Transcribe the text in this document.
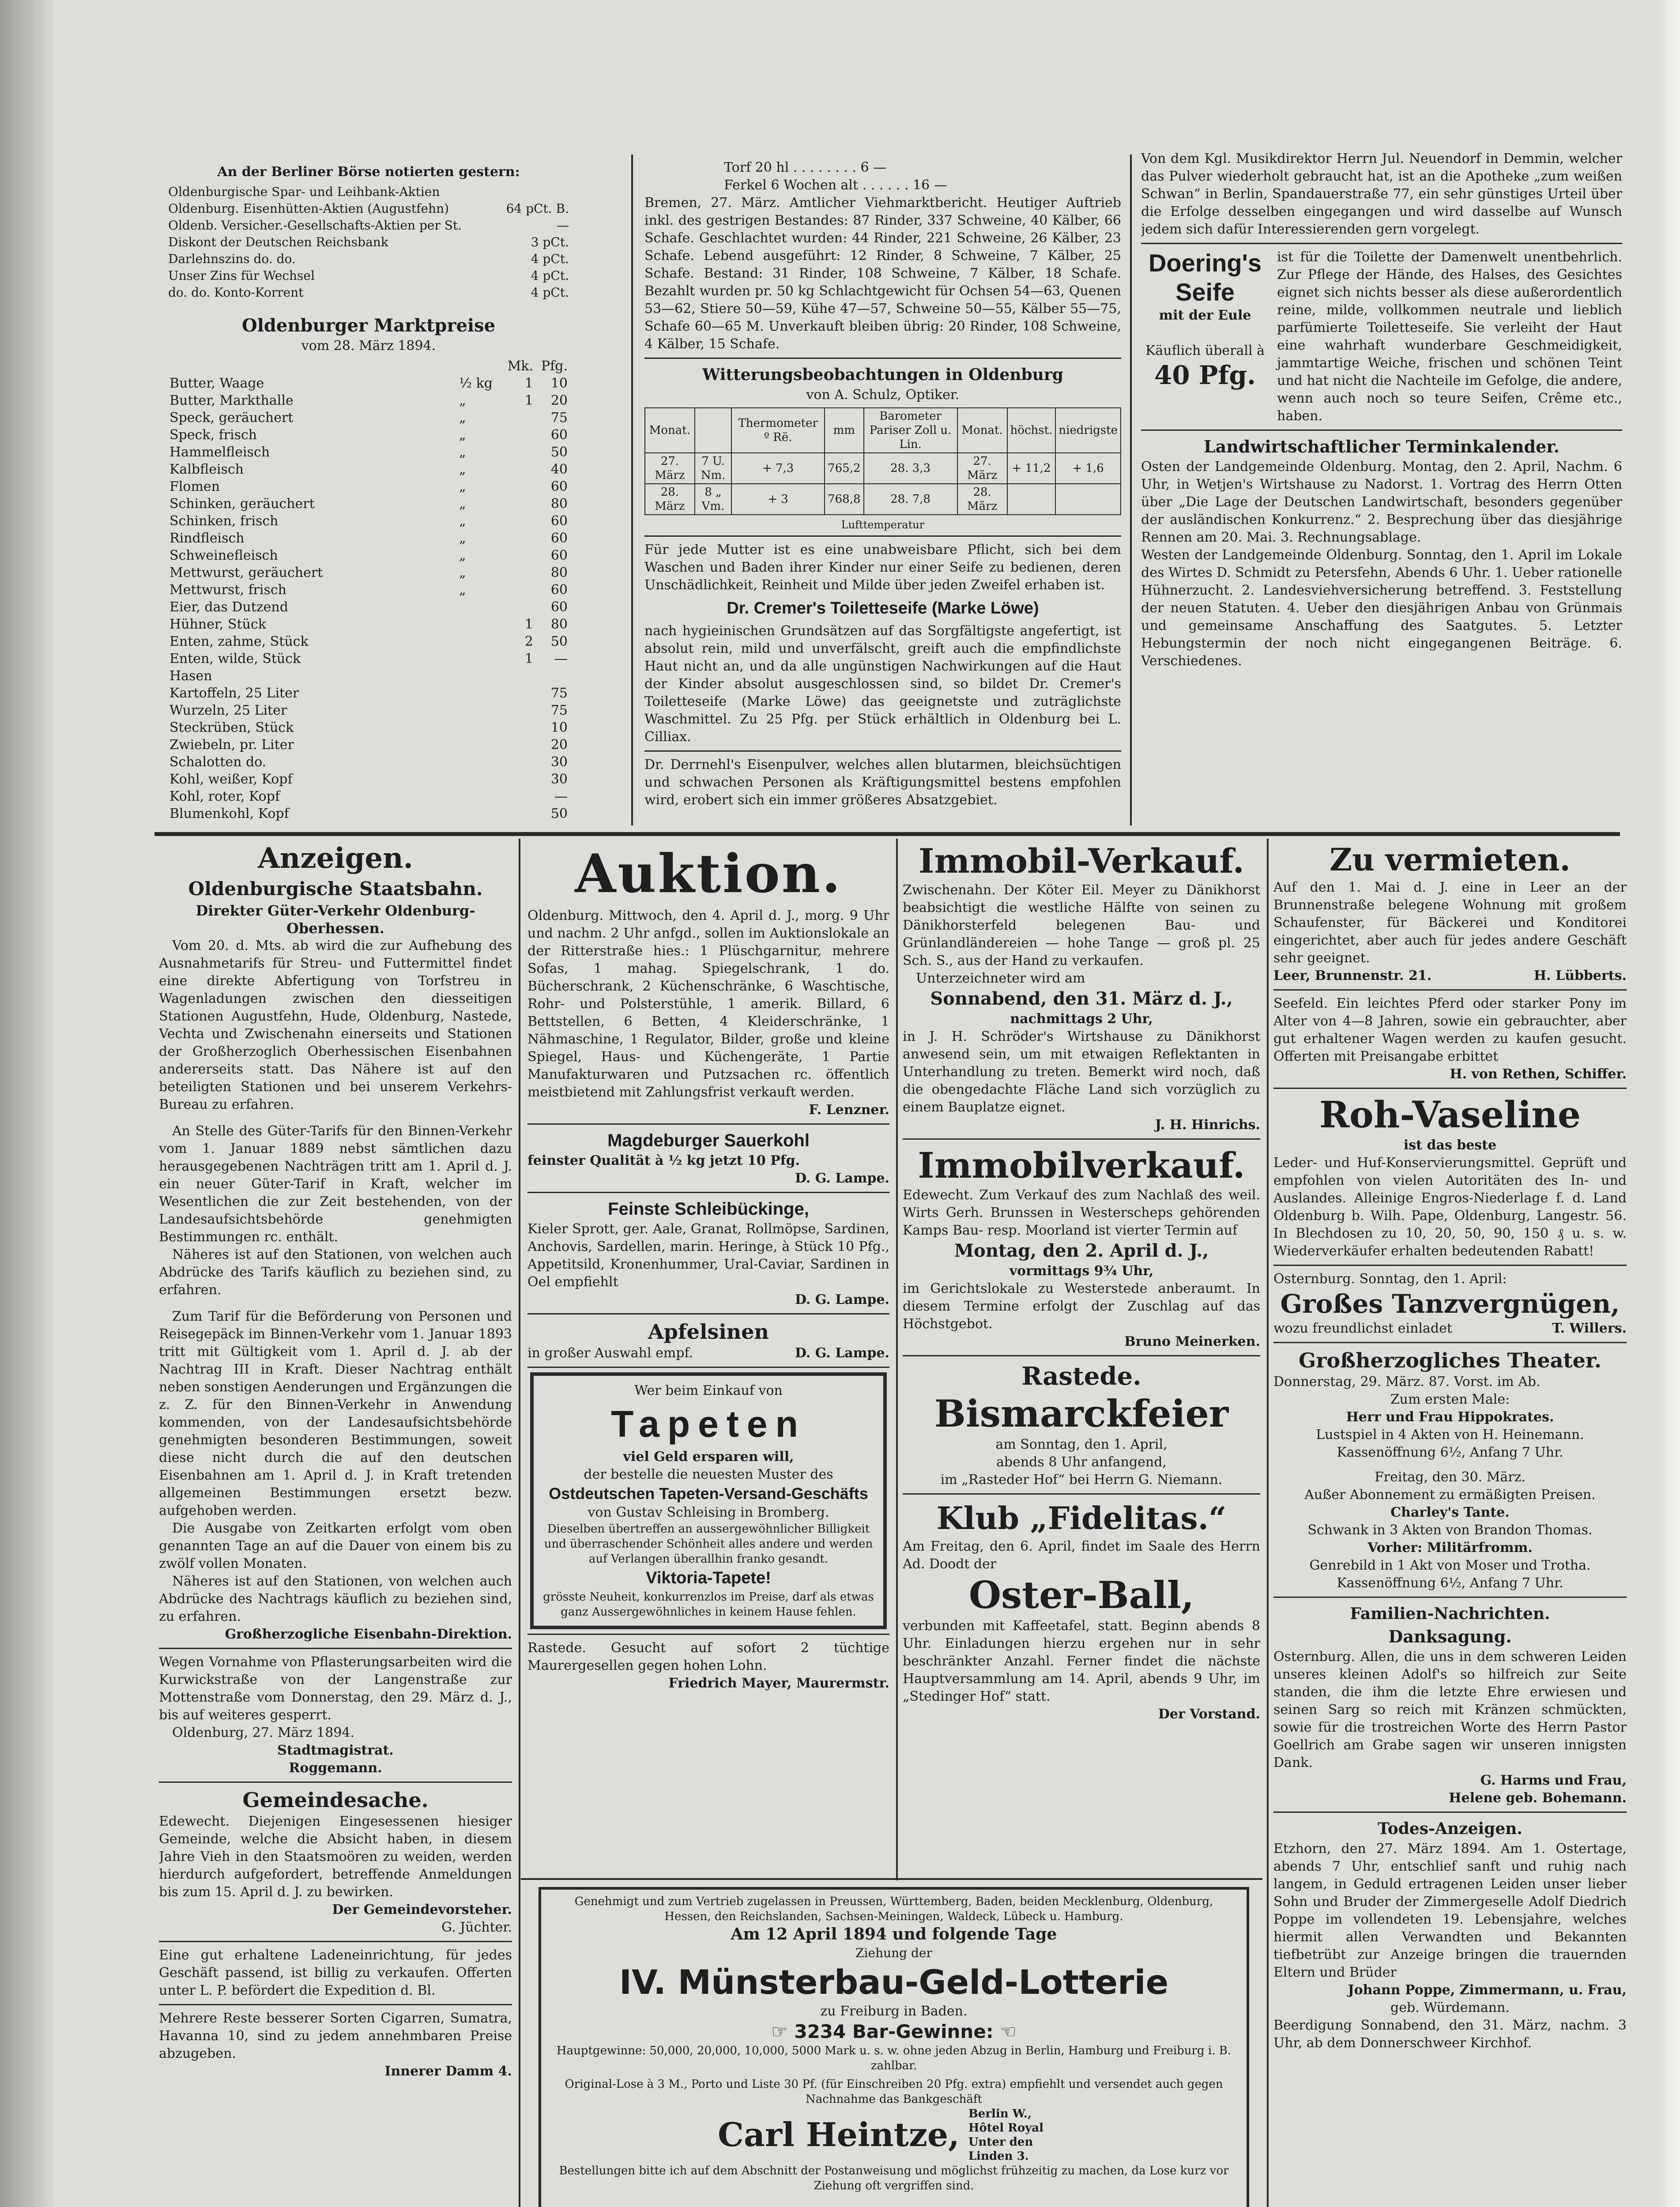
An der Berliner Börse notierten gestern:

Oldenburgische Spar- und Leihbank-Aktien	
Oldenburg. Eisenhütten-Aktien (Augustfehn)	64 pCt. B.
Oldenb. Versicher.-Gesellschafts-Aktien per St.	—
Diskont der Deutschen Reichsbank	3 pCt.
Darlehnszins do. do.	4 pCt.
Unser Zins für Wechsel	4 pCt.
do. do. Konto-Korrent	4 pCt.

Oldenburger Marktpreise

vom 28. März 1894.

		Mk.	Pfg.
Butter, Waage	½ kg	1	10
Butter, Markthalle	„	1	20
Speck, geräuchert	„		75
Speck, frisch	„		60
Hammelfleisch	„		50
Kalbfleisch	„		40
Flomen	„		60
Schinken, geräuchert	„		80
Schinken, frisch	„		60
Rindfleisch	„		60
Schweinefleisch	„		60
Mettwurst, geräuchert	„		80
Mettwurst, frisch	„		60
Eier, das Dutzend			60
Hühner, Stück		1	80
Enten, zahme, Stück		2	50
Enten, wilde, Stück		1	—
Hasen			
Kartoffeln, 25 Liter			75
Wurzeln, 25 Liter			75
Steckrüben, Stück			10
Zwiebeln, pr. Liter			20
Schalotten do.			30
Kohl, weißer, Kopf			30
Kohl, roter, Kopf			—
Blumenkohl, Kopf			50

Torf 20 hl . . . . . . . . 6 —

Ferkel 6 Wochen alt . . . . . . 16 —

Bremen, 27. März. Amtlicher Viehmarktbericht. Heutiger Auftrieb inkl. des gestrigen Bestandes: 87 Rinder, 337 Schweine, 40 Kälber, 66 Schafe. Geschlachtet wurden: 44 Rinder, 221 Schweine, 26 Kälber, 23 Schafe. Lebend ausgeführt: 12 Rinder, 8 Schweine, 7 Kälber, 25 Schafe. Bestand: 31 Rinder, 108 Schweine, 7 Kälber, 18 Schafe. Bezahlt wurden pr. 50 kg Schlachtgewicht für Ochsen 54—63, Quenen 53—62, Stiere 50—59, Kühe 47—57, Schweine 50—55, Kälber 55—75, Schafe 60—65 M. Unverkauft bleiben übrig: 20 Rinder, 108 Schweine, 4 Kälber, 15 Schafe.

Witterungsbeobachtungen in Oldenburg

von A. Schulz, Optiker.

Monat.		Thermometer º Rë.	mm	Barometer Pariser Zoll u. Lin.	Monat.	höchst.	niedrigste
27. März	7 U. Nm.	+ 7,3	765,2	28. 3,3	27. März	+ 11,2	+ 1,6
28. März	8 „ Vm.	+ 3	768,8	28. 7,8	28. März		

Lufttemperatur

Für jede Mutter ist es eine unabweisbare Pflicht, sich bei dem Waschen und Baden ihrer Kinder nur einer Seife zu bedienen, deren Unschädlichkeit, Reinheit und Milde über jeden Zweifel erhaben ist.

Dr. Cremer's Toiletteseife (Marke Löwe)

nach hygieinischen Grundsätzen auf das Sorgfältigste angefertigt, ist absolut rein, mild und unverfälscht, greift auch die empfindlichste Haut nicht an, und da alle ungünstigen Nachwirkungen auf die Haut der Kinder absolut ausgeschlossen sind, so bildet Dr. Cremer's Toiletteseife (Marke Löwe) das geeignetste und zuträglichste Waschmittel. Zu 25 Pfg. per Stück erhältlich in Oldenburg bei L. Cilliax.

Dr. Derrnehl's Eisenpulver, welches allen blutarmen, bleichsüchtigen und schwachen Personen als Kräftigungsmittel bestens empfohlen wird, erobert sich ein immer größeres Absatzgebiet.

Von dem Kgl. Musikdirektor Herrn Jul. Neuendorf in Demmin, welcher das Pulver wiederholt gebraucht hat, ist an die Apotheke „zum weißen Schwan“ in Berlin, Spandauerstraße 77, ein sehr günstiges Urteil über die Erfolge desselben eingegangen und wird dasselbe auf Wunsch jedem sich dafür Interessierenden gern vorgelegt.

Doering's

Seife

mit der Eule

Käuflich überall à

40 Pfg.

ist für die Toilette der Damenwelt unentbehrlich. Zur Pflege der Hände, des Halses, des Gesichtes eignet sich nichts besser als diese außerordentlich reine, milde, vollkommen neutrale und lieblich parfümierte Toiletteseife. Sie verleiht der Haut eine wahrhaft wunderbare Geschmeidigkeit, jammtartige Weiche, frischen und schönen Teint und hat nicht die Nachteile im Gefolge, die andere, wenn auch noch so teure Seifen, Crême etc., haben.

Landwirtschaftlicher Terminkalender.

Osten der Landgemeinde Oldenburg. Montag, den 2. April, Nachm. 6 Uhr, in Wetjen's Wirtshause zu Nadorst. 1. Vortrag des Herrn Otten über „Die Lage der Deutschen Landwirtschaft, besonders gegenüber der ausländischen Konkurrenz.“ 2. Besprechung über das diesjährige Rennen am 20. Mai. 3. Rechnungsablage.

Westen der Landgemeinde Oldenburg. Sonntag, den 1. April im Lokale des Wirtes D. Schmidt zu Petersfehn, Abends 6 Uhr. 1. Ueber rationelle Hühnerzucht. 2. Landesviehversicherung betreffend. 3. Feststellung der neuen Statuten. 4. Ueber den diesjährigen Anbau von Grünmais und gemeinsame Anschaffung des Saatgutes. 5. Letzter Hebungstermin der noch nicht eingegangenen Beiträge. 6. Verschiedenes.

Anzeigen.

Oldenburgische Staatsbahn.

Direkter Güter-Verkehr Oldenburg-Oberhessen.

Vom 20. d. Mts. ab wird die zur Aufhebung des Ausnahmetarifs für Streu- und Futtermittel findet eine direkte Abfertigung von Torfstreu in Wagenladungen zwischen den diesseitigen Stationen Augustfehn, Hude, Oldenburg, Nastede, Vechta und Zwischenahn einerseits und Stationen der Großherzoglich Oberhessischen Eisenbahnen andererseits statt. Das Nähere ist auf den beteiligten Stationen und bei unserem Verkehrs-Bureau zu erfahren.

An Stelle des Güter-Tarifs für den Binnen-Verkehr vom 1. Januar 1889 nebst sämtlichen dazu herausgegebenen Nachträgen tritt am 1. April d. J. ein neuer Güter-Tarif in Kraft, welcher im Wesentlichen die zur Zeit bestehenden, von der Landesaufsichtsbehörde genehmigten Bestimmungen rc. enthält.

Näheres ist auf den Stationen, von welchen auch Abdrücke des Tarifs käuflich zu beziehen sind, zu erfahren.

Zum Tarif für die Beförderung von Personen und Reisegepäck im Binnen-Verkehr vom 1. Januar 1893 tritt mit Gültigkeit vom 1. April d. J. ab der Nachtrag III in Kraft. Dieser Nachtrag enthält neben sonstigen Aenderungen und Ergänzungen die z. Z. für den Binnen-Verkehr in Anwendung kommenden, von der Landesaufsichtsbehörde genehmigten besonderen Bestimmungen, soweit diese nicht durch die auf den deutschen Eisenbahnen am 1. April d. J. in Kraft tretenden allgemeinen Bestimmungen ersetzt bezw. aufgehoben werden.

Die Ausgabe von Zeitkarten erfolgt vom oben genannten Tage an auf die Dauer von einem bis zu zwölf vollen Monaten.

Näheres ist auf den Stationen, von welchen auch Abdrücke des Nachtrags käuflich zu beziehen sind, zu erfahren.

Großherzogliche Eisenbahn-Direktion.

Wegen Vornahme von Pflasterungsarbeiten wird die Kurwickstraße von der Langenstraße zur Mottenstraße vom Donnerstag, den 29. März d. J., bis auf weiteres gesperrt.

Oldenburg, 27. März 1894.

Stadtmagistrat.

Roggemann.

Gemeindesache.

Edewecht. Diejenigen Eingesessenen hiesiger Gemeinde, welche die Absicht haben, in diesem Jahre Vieh in den Staatsmoören zu weiden, werden hierdurch aufgefordert, betreffende Anmeldungen bis zum 15. April d. J. zu bewirken.

Der Gemeindevorsteher.

G. Jüchter.

Eine gut erhaltene Ladeneinrichtung, für jedes Geschäft passend, ist billig zu verkaufen. Offerten unter L. P. befördert die Expedition d. Bl.

Mehrere Reste besserer Sorten Cigarren, Sumatra, Havanna 10, sind zu jedem annehmbaren Preise abzugeben.

Innerer Damm 4.

Auktion.

Oldenburg. Mittwoch, den 4. April d. J., morg. 9 Uhr und nachm. 2 Uhr anfgd., sollen im Auktionslokale an der Ritterstraße hies.: 1 Plüschgarnitur, mehrere Sofas, 1 mahag. Spiegelschrank, 1 do. Bücherschrank, 2 Küchenschränke, 6 Waschtische, Rohr- und Polsterstühle, 1 amerik. Billard, 6 Bettstellen, 6 Betten, 4 Kleiderschränke, 1 Nähmaschine, 1 Regulator, Bilder, große und kleine Spiegel, Haus- und Küchengeräte, 1 Partie Manufakturwaren und Putzsachen rc. öffentlich meistbietend mit Zahlungsfrist verkauft werden.

F. Lenzner.

Magdeburger Sauerkohl

feinster Qualität à ½ kg jetzt 10 Pfg.

D. G. Lampe.

Feinste Schleibückinge,

Kieler Sprott, ger. Aale, Granat, Rollmöpse, Sardinen, Anchovis, Sardellen, marin. Heringe, à Stück 10 Pfg., Appetitsild, Kronenhummer, Ural-Caviar, Sardinen in Oel empfiehlt

D. G. Lampe.

Apfelsinen

in großer Auswahl empf.	D. G. Lampe.

Wer beim Einkauf von

Tapeten

viel Geld ersparen will,

der bestelle die neuesten Muster des

Ostdeutschen Tapeten-Versand-Geschäfts

von Gustav Schleising in Bromberg.

Dieselben übertreffen an aussergewöhnlicher Billigkeit und überraschender Schönheit alles andere und werden auf Verlangen überallhin franko gesandt.

Viktoria-Tapete!

grösste Neuheit, konkurrenzlos im Preise, darf als etwas ganz Aussergewöhnliches in keinem Hause fehlen.

Rastede. Gesucht auf sofort 2 tüchtige Maurergesellen gegen hohen Lohn.

Friedrich Mayer, Maurermstr.

Immobil-Verkauf.

Zwischenahn. Der Köter Eil. Meyer zu Dänikhorst beabsichtigt die westliche Hälfte von seinen zu Dänikhorsterfeld belegenen Bau- und Grünlandländereien — hohe Tange — groß pl. 25 Sch. S., aus der Hand zu verkaufen.

Unterzeichneter wird am

Sonnabend, den 31. März d. J.,

nachmittags 2 Uhr,

in J. H. Schröder's Wirtshause zu Dänikhorst anwesend sein, um mit etwaigen Reflektanten in Unterhandlung zu treten. Bemerkt wird noch, daß die obengedachte Fläche Land sich vorzüglich zu einem Bauplatze eignet.

J. H. Hinrichs.

Immobilverkauf.

Edewecht. Zum Verkauf des zum Nachlaß des weil. Wirts Gerh. Brunssen in Westerscheps gehörenden Kamps Bau- resp. Moorland ist vierter Termin auf

Montag, den 2. April d. J.,

vormittags 9¾ Uhr,

im Gerichtslokale zu Westerstede anberaumt. In diesem Termine erfolgt der Zuschlag auf das Höchstgebot.

Bruno Meinerken.

Rastede.

Bismarckfeier

am Sonntag, den 1. April,

abends 8 Uhr anfangend,

im „Rasteder Hof“ bei Herrn G. Niemann.

Klub „Fidelitas.“

Am Freitag, den 6. April, findet im Saale des Herrn Ad. Doodt der

Oster-Ball,

verbunden mit Kaffeetafel, statt. Beginn abends 8 Uhr. Einladungen hierzu ergehen nur in sehr beschränkter Anzahl. Ferner findet die nächste Hauptversammlung am 14. April, abends 9 Uhr, im „Stedinger Hof“ statt.

Der Vorstand.

Genehmigt und zum Vertrieb zugelassen in Preussen, Württemberg, Baden, beiden Mecklenburg, Oldenburg, Hessen, den Reichslanden, Sachsen-Meiningen, Waldeck, Lübeck u. Hamburg.

Am 12 April 1894 und folgende Tage

Ziehung der

IV. Münsterbau-Geld-Lotterie

zu Freiburg in Baden.

☞ 3234 Bar-Gewinne: ☜

Hauptgewinne: 50,000, 20,000, 10,000, 5000 Mark u. s. w. ohne jeden Abzug in Berlin, Hamburg und Freiburg i. B. zahlbar.

Original-Lose à 3 M., Porto und Liste 30 Pf. (für Einschreiben 20 Pfg. extra) empfiehlt und versendet auch gegen Nachnahme das Bankgeschäft

Carl Heintze,

Berlin W., Hôtel Royal Unter den Linden 3.

Bestellungen bitte ich auf dem Abschnitt der Postanweisung und möglichst frühzeitig zu machen, da Lose kurz vor Ziehung oft vergriffen sind.

Zu vermieten.

Auf den 1. Mai d. J. eine in Leer an der Brunnenstraße belegene Wohnung mit großem Schaufenster, für Bäckerei und Konditorei eingerichtet, aber auch für jedes andere Geschäft sehr geeignet.

Leer, Brunnenstr. 21.	H. Lübberts.

Seefeld. Ein leichtes Pferd oder starker Pony im Alter von 4—8 Jahren, sowie ein gebrauchter, aber gut erhaltener Wagen werden zu kaufen gesucht. Offerten mit Preisangabe erbittet

H. von Rethen, Schiffer.

Roh-Vaseline

ist das beste

Leder- und Huf-Konservierungsmittel. Geprüft und empfohlen von vielen Autoritäten des In- und Auslandes. Alleinige Engros-Niederlage f. d. Land Oldenburg b. Wilh. Pape, Oldenburg, Langestr. 56. In Blechdosen zu 10, 20, 50, 90, 150 ₰ u. s. w. Wiederverkäufer erhalten bedeutenden Rabatt!

Osternburg. Sonntag, den 1. April:

Großes Tanzvergnügen,

wozu freundlichst einladet	T. Willers.

Großherzogliches Theater.

Donnerstag, 29. März. 87. Vorst. im Ab.

Zum ersten Male:

Herr und Frau Hippokrates.

Lustspiel in 4 Akten von H. Heinemann.

Kassenöffnung 6½, Anfang 7 Uhr.

Freitag, den 30. März.

Außer Abonnement zu ermäßigten Preisen.

Charley's Tante.

Schwank in 3 Akten von Brandon Thomas.

Vorher: Militärfromm.

Genrebild in 1 Akt von Moser und Trotha.

Kassenöffnung 6½, Anfang 7 Uhr.

Familien-Nachrichten.

Danksagung.

Osternburg. Allen, die uns in dem schweren Leiden unseres kleinen Adolf's so hilfreich zur Seite standen, die ihm die letzte Ehre erwiesen und seinen Sarg so reich mit Kränzen schmückten, sowie für die trostreichen Worte des Herrn Pastor Goellrich am Grabe sagen wir unseren innigsten Dank.

G. Harms und Frau,

Helene geb. Bohemann.

Todes-Anzeigen.

Etzhorn, den 27. März 1894. Am 1. Ostertage, abends 7 Uhr, entschlief sanft und ruhig nach langem, in Geduld ertragenen Leiden unser lieber Sohn und Bruder der Zimmergeselle Adolf Diedrich Poppe im vollendeten 19. Lebensjahre, welches hiermit allen Verwandten und Bekannten tiefbetrübt zur Anzeige bringen die trauernden Eltern und Brüder

Johann Poppe, Zimmermann, u. Frau,

geb. Würdemann.

Beerdigung Sonnabend, den 31. März, nachm. 3 Uhr, ab dem Donnerschweer Kirchhof.
